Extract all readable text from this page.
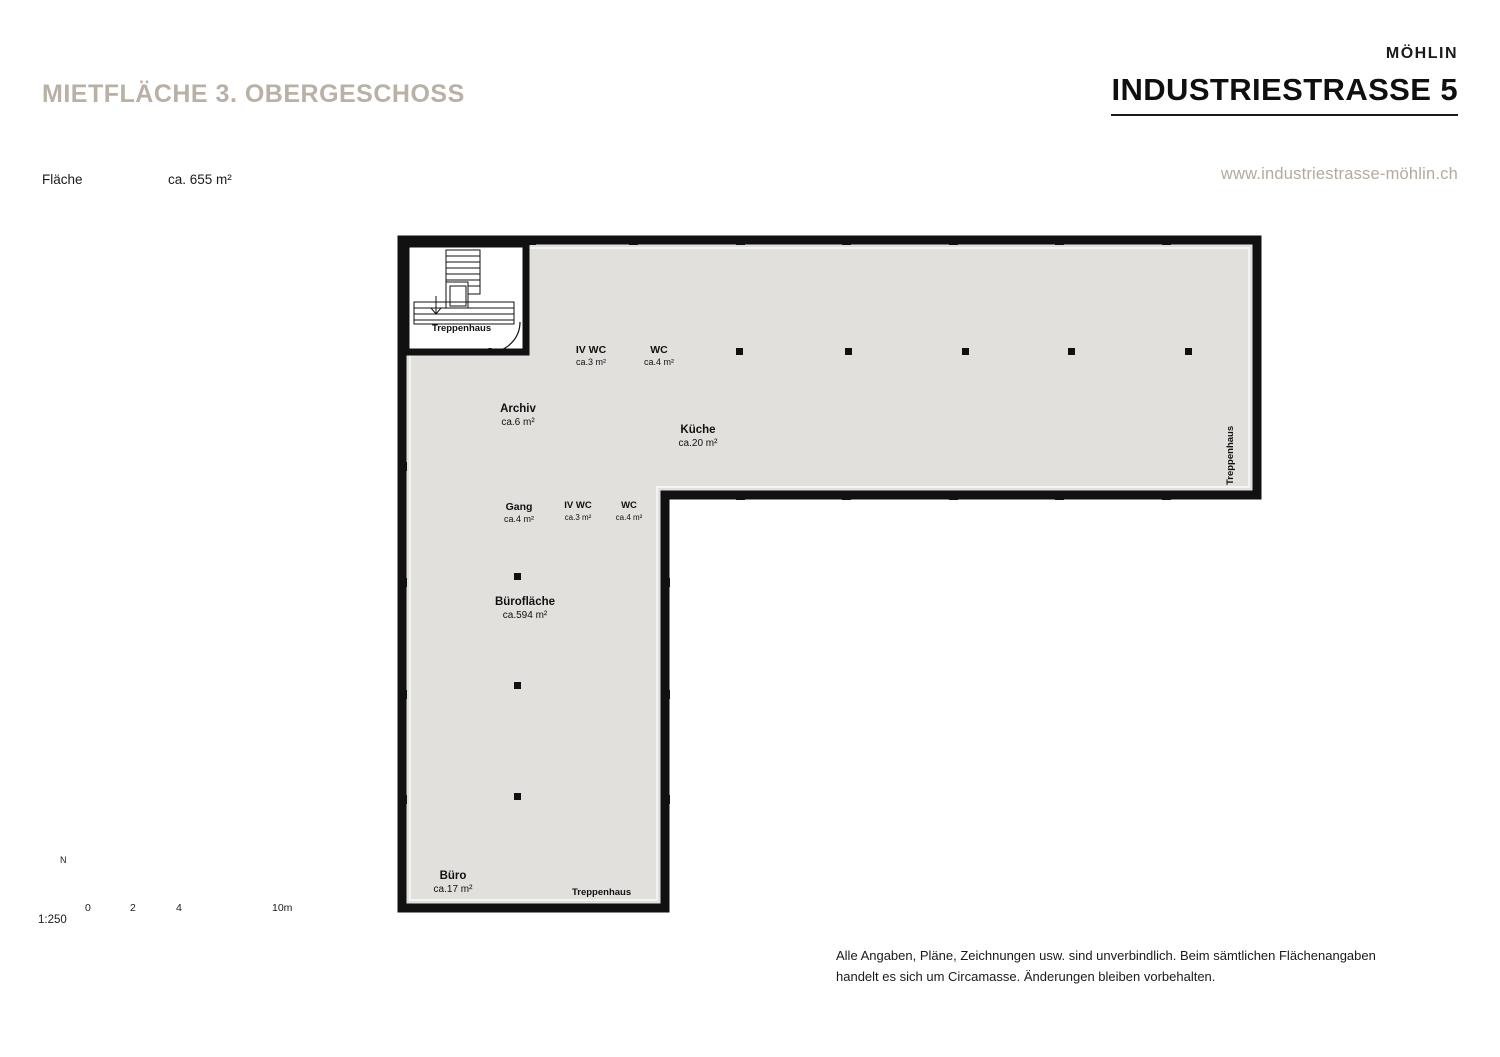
MIETFLÄCHE 3. OBERGESCHOSS
MÖHLIN
INDUSTRIESTRASSE 5
www.industriestrasse-möhlin.ch
Fläche	ca. 655 m²
IV WC
ca.3 m²
WC
ca.4 m²
Archiv
ca.6 m²
Küche
ca.20 m²
Gang
ca.4 m²
IV WC
ca.3 m²
WC
ca.4 m²
Bürofläche
ca.594 m²
Büro
ca.17 m²
Treppenhaus
Treppenhaus
Treppenhaus
1:250
0	2	4	10m
N
Alle Angaben, Pläne, Zeichnungen usw. sind unverbindlich. Beim sämtlichen Flächenangaben
handelt es sich um Circamasse. Änderungen bleiben vorbehalten.
